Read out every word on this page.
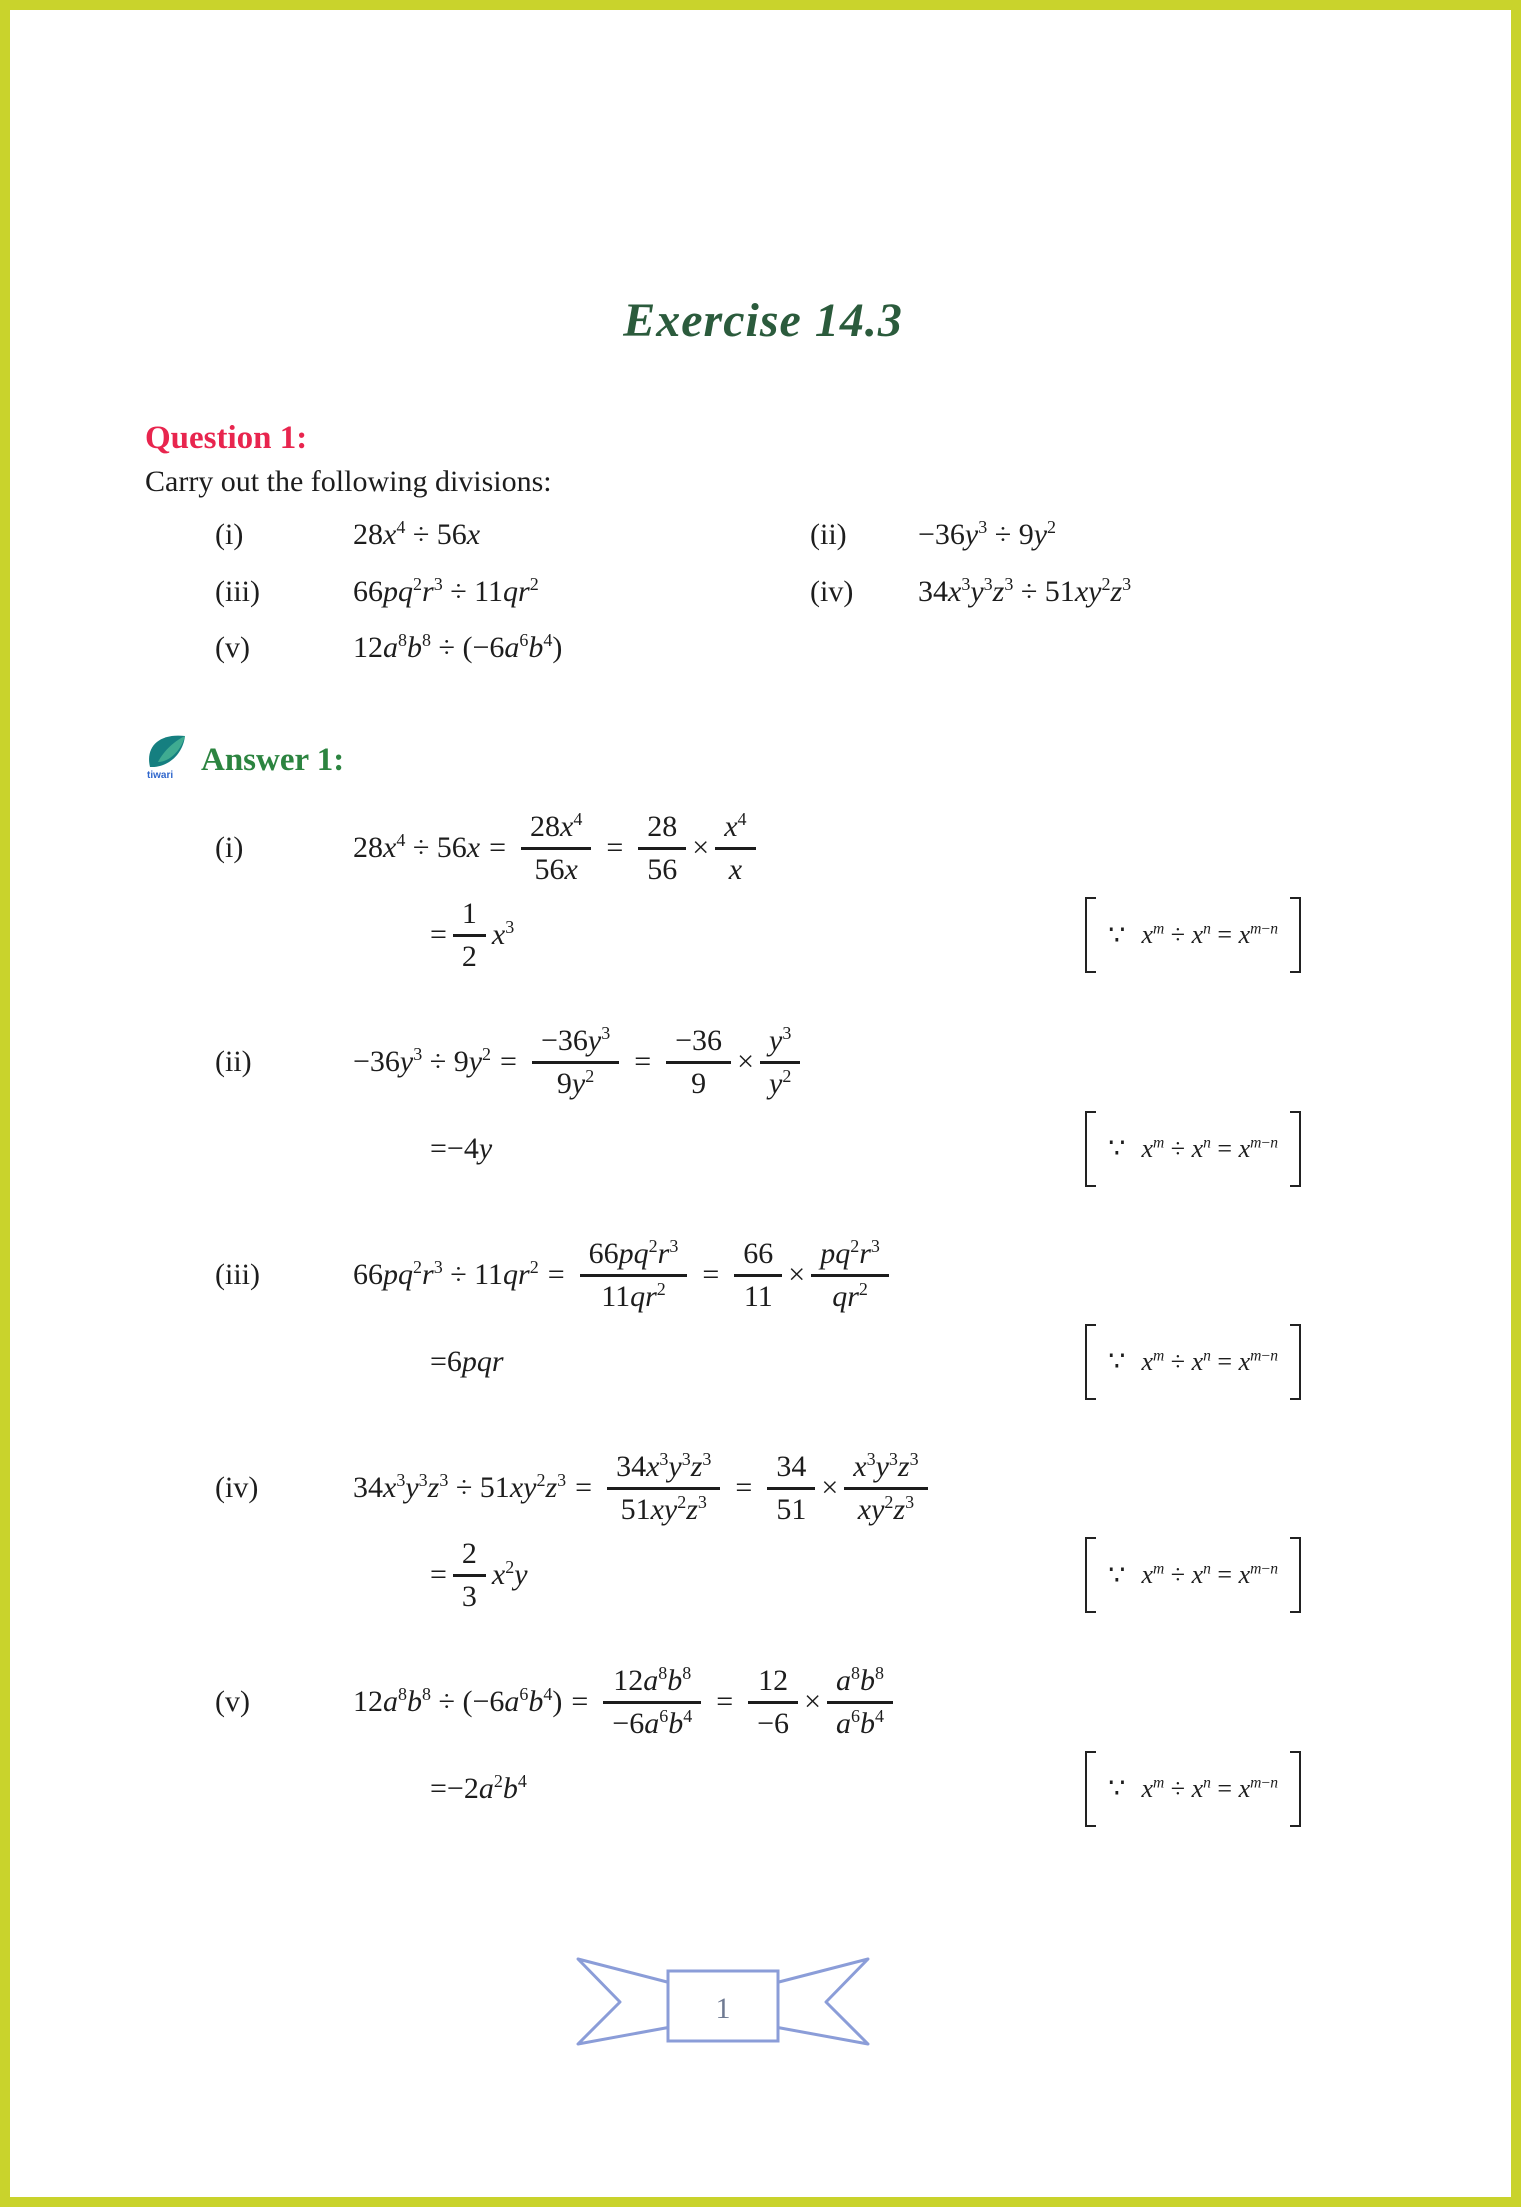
Exercise 14.3
Question 1:
Carry out the following divisions:
(i)	$28x^4 \div 56x$	(ii)	$-36y^3 \div 9y^2$
(iii)	$66pq^2r^3 \div 11qr^2$	(iv)	$34x^3y^3z^3 \div 51xy^2z^3$
(v)	$12a^8b^8 \div (-6a^6b^4)$
tiwari Answer 1:
(i)	$28x^4 \div 56x = \frac{28x^4}{56x} = \frac{28}{56} \times \frac{x^4}{x}$
= $\frac{1}{2} x^3$	∵ $x^m \div x^n = x^{m-n}$
(ii)	$-36y^3 \div 9y^2 = \frac{-36y^3}{9y^2} = \frac{-36}{9} \times \frac{y^3}{y^2}$
= −4y	∵ $x^m \div x^n = x^{m-n}$
(iii)	$66pq^2r^3 \div 11qr^2 = \frac{66pq^2r^3}{11qr^2} = \frac{66}{11} \times \frac{pq^2r^3}{qr^2}$
= 6pqr	∵ $x^m \div x^n = x^{m-n}$
(iv)	$34x^3y^3z^3 \div 51xy^2z^3 = \frac{34x^3y^3z^3}{51xy^2z^3} = \frac{34}{51} \times \frac{x^3y^3z^3}{xy^2z^3}$
= $\frac{2}{3} x^2y$	∵ $x^m \div x^n = x^{m-n}$
(v)	$12a^8b^8 \div (-6a^6b^4) = \frac{12a^8b^8}{-6a^6b^4} = \frac{12}{-6} \times \frac{a^8b^8}{a^6b^4}$
= $-2a^2b^4$	∵ $x^m \div x^n = x^{m-n}$
1
